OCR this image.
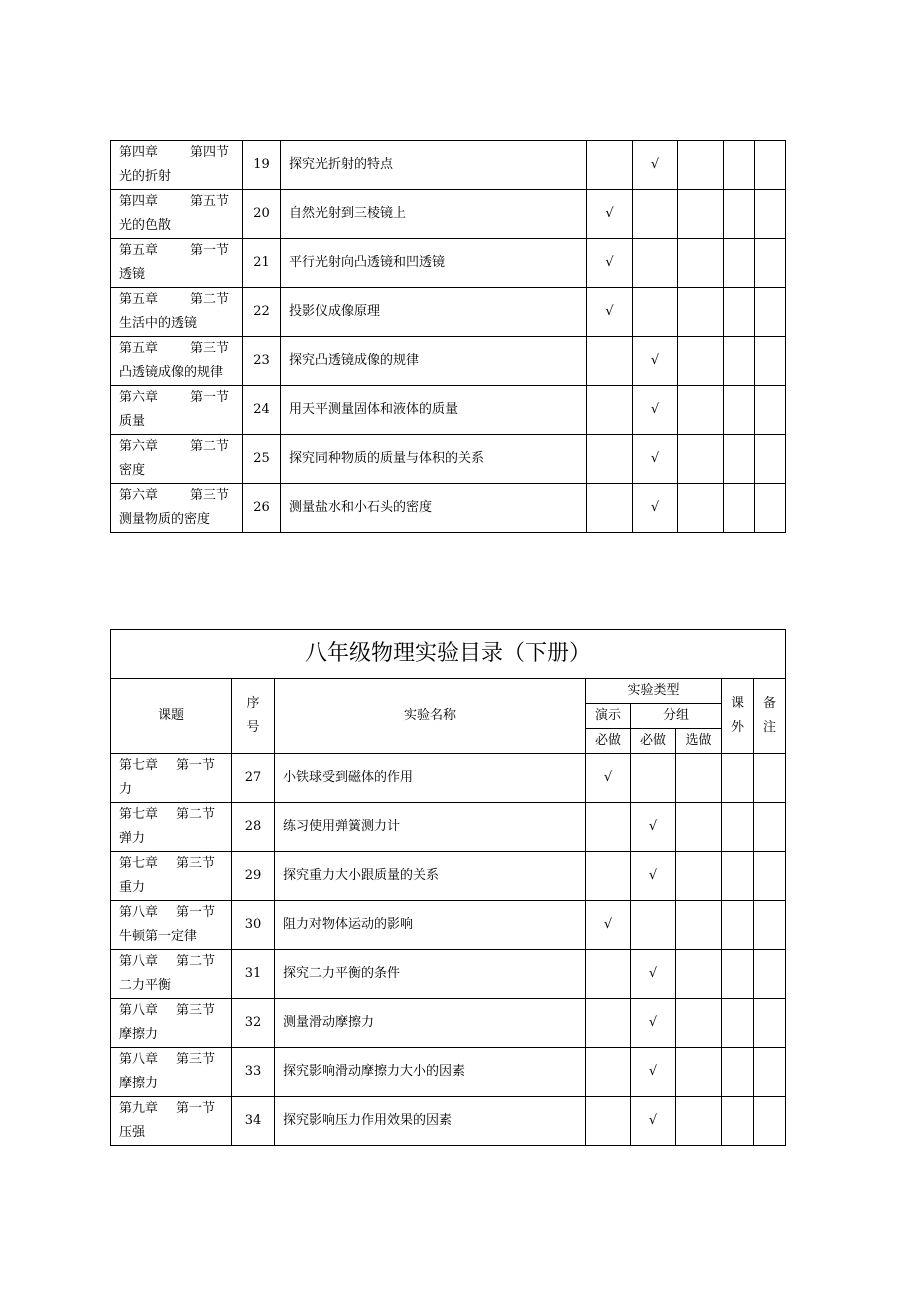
第四章 第四节
光的折射	19	探究光折射的特点		√			

第四章 第五节
光的色散	20	自然光射到三棱镜上	√				

第五章 第一节
透镜	21	平行光射向凸透镜和凹透镜	√				

第五章 第二节
生活中的透镜	22	投影仪成像原理	√				

第五章 第三节
凸透镜成像的规律	23	探究凸透镜成像的规律		√			

第六章 第一节
质量	24	用天平测量固体和液体的质量		√			

第六章 第二节
密度	25	探究同种物质的质量与体积的关系		√			

第六章 第三节
测量物质的密度	26	测量盐水和小石头的密度		√			
八年级物理实验目录（下册）							
课题	序号	实验名称	实验类型			课外	备注
			演示	分组			
			必做	必做	选做		

第七章 第一节
力	27	小铁球受到磁体的作用	√				

第七章 第二节
弹力	28	练习使用弹簧测力计		√			

第七章 第三节
重力	29	探究重力大小跟质量的关系		√			

第八章 第一节
牛顿第一定律	30	阻力对物体运动的影响	√				

第八章 第二节
二力平衡	31	探究二力平衡的条件		√			

第八章 第三节
摩擦力	32	测量滑动摩擦力		√			

第八章 第三节
摩擦力	33	探究影响滑动摩擦力大小的因素		√			

第九章 第一节
压强	34	探究影响压力作用效果的因素		√			
